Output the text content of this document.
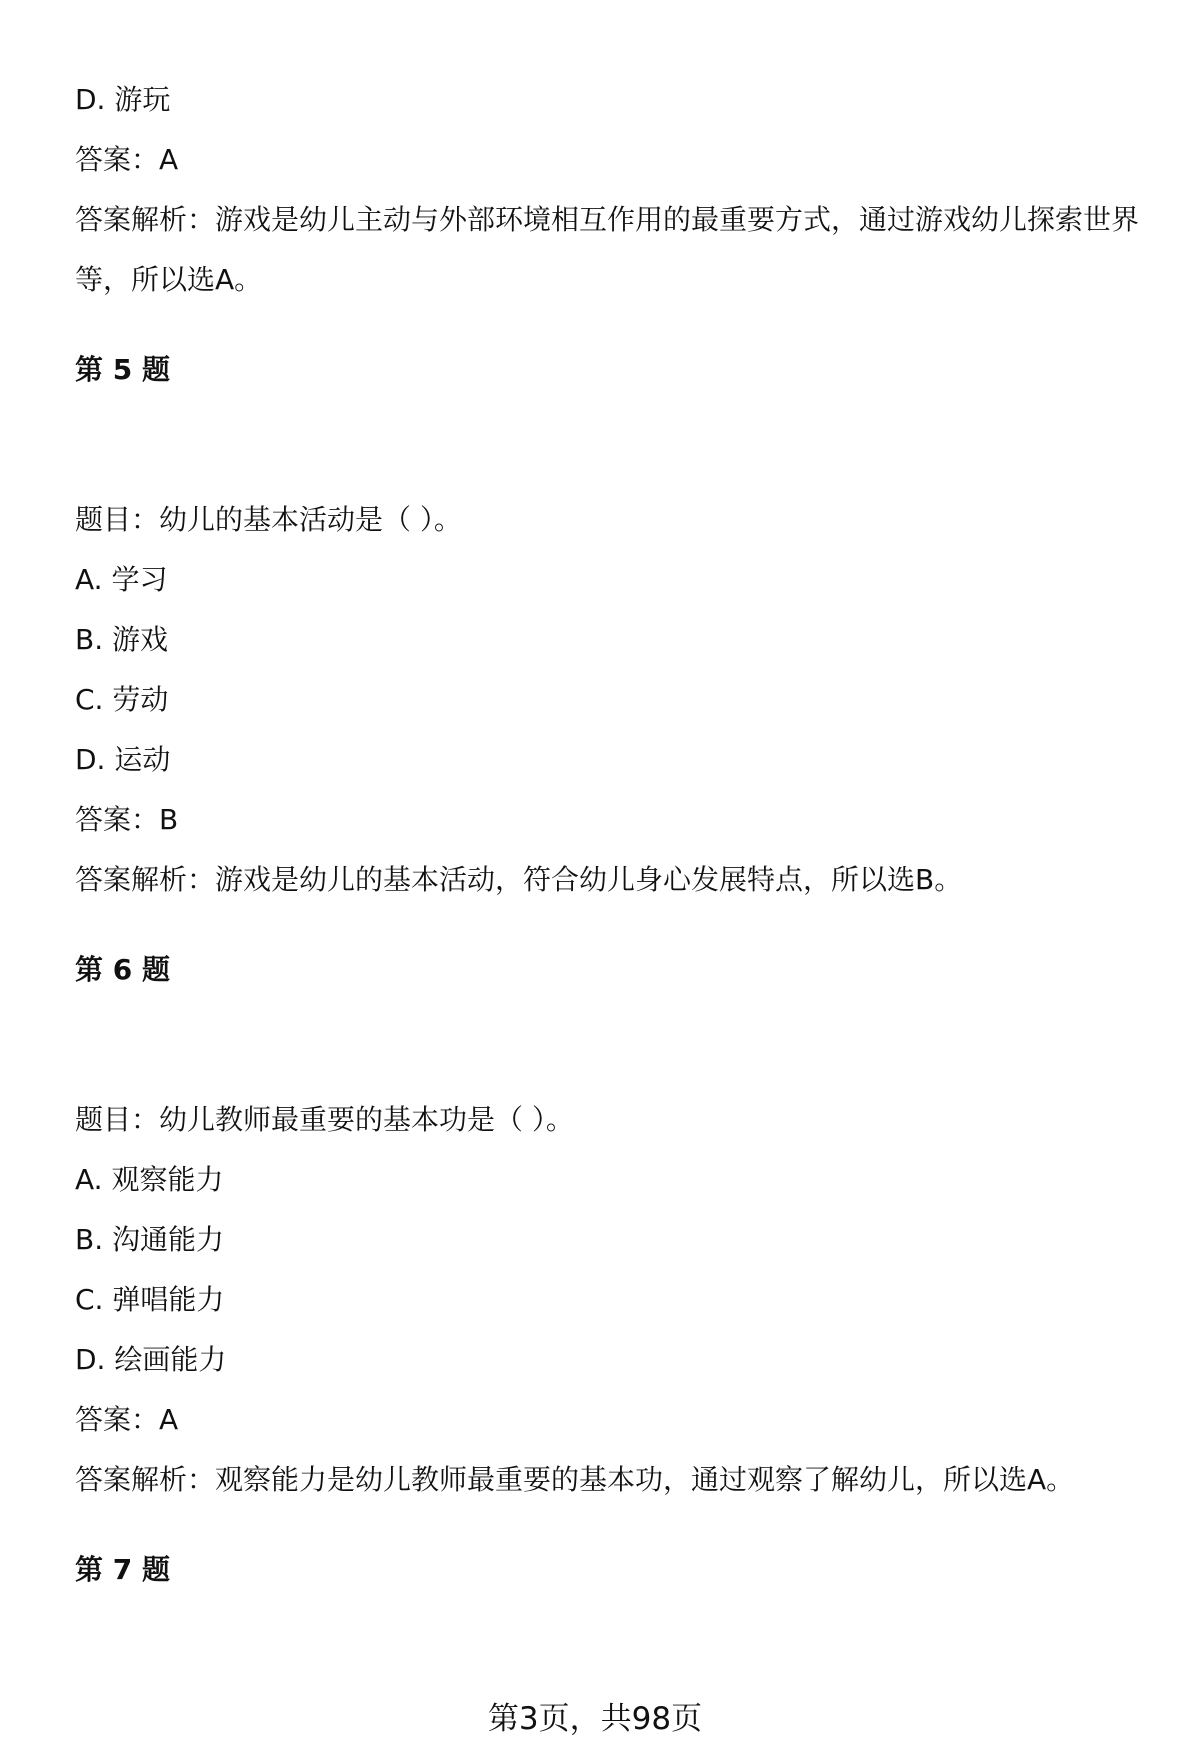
D. 游玩
答案：A
答案解析：游戏是幼儿主动与外部环境相互作用的最重要方式，通过游戏幼儿探索世界等，所以选A。
第 5 题
题目：幼儿的基本活动是（ ）。
A. 学习
B. 游戏
C. 劳动
D. 运动
答案：B
答案解析：游戏是幼儿的基本活动，符合幼儿身心发展特点，所以选B。
第 6 题
题目：幼儿教师最重要的基本功是（ ）。
A. 观察能力
B. 沟通能力
C. 弹唱能力
D. 绘画能力
答案：A
答案解析：观察能力是幼儿教师最重要的基本功，通过观察了解幼儿，所以选A。
第 7 题
第3页，共98页
